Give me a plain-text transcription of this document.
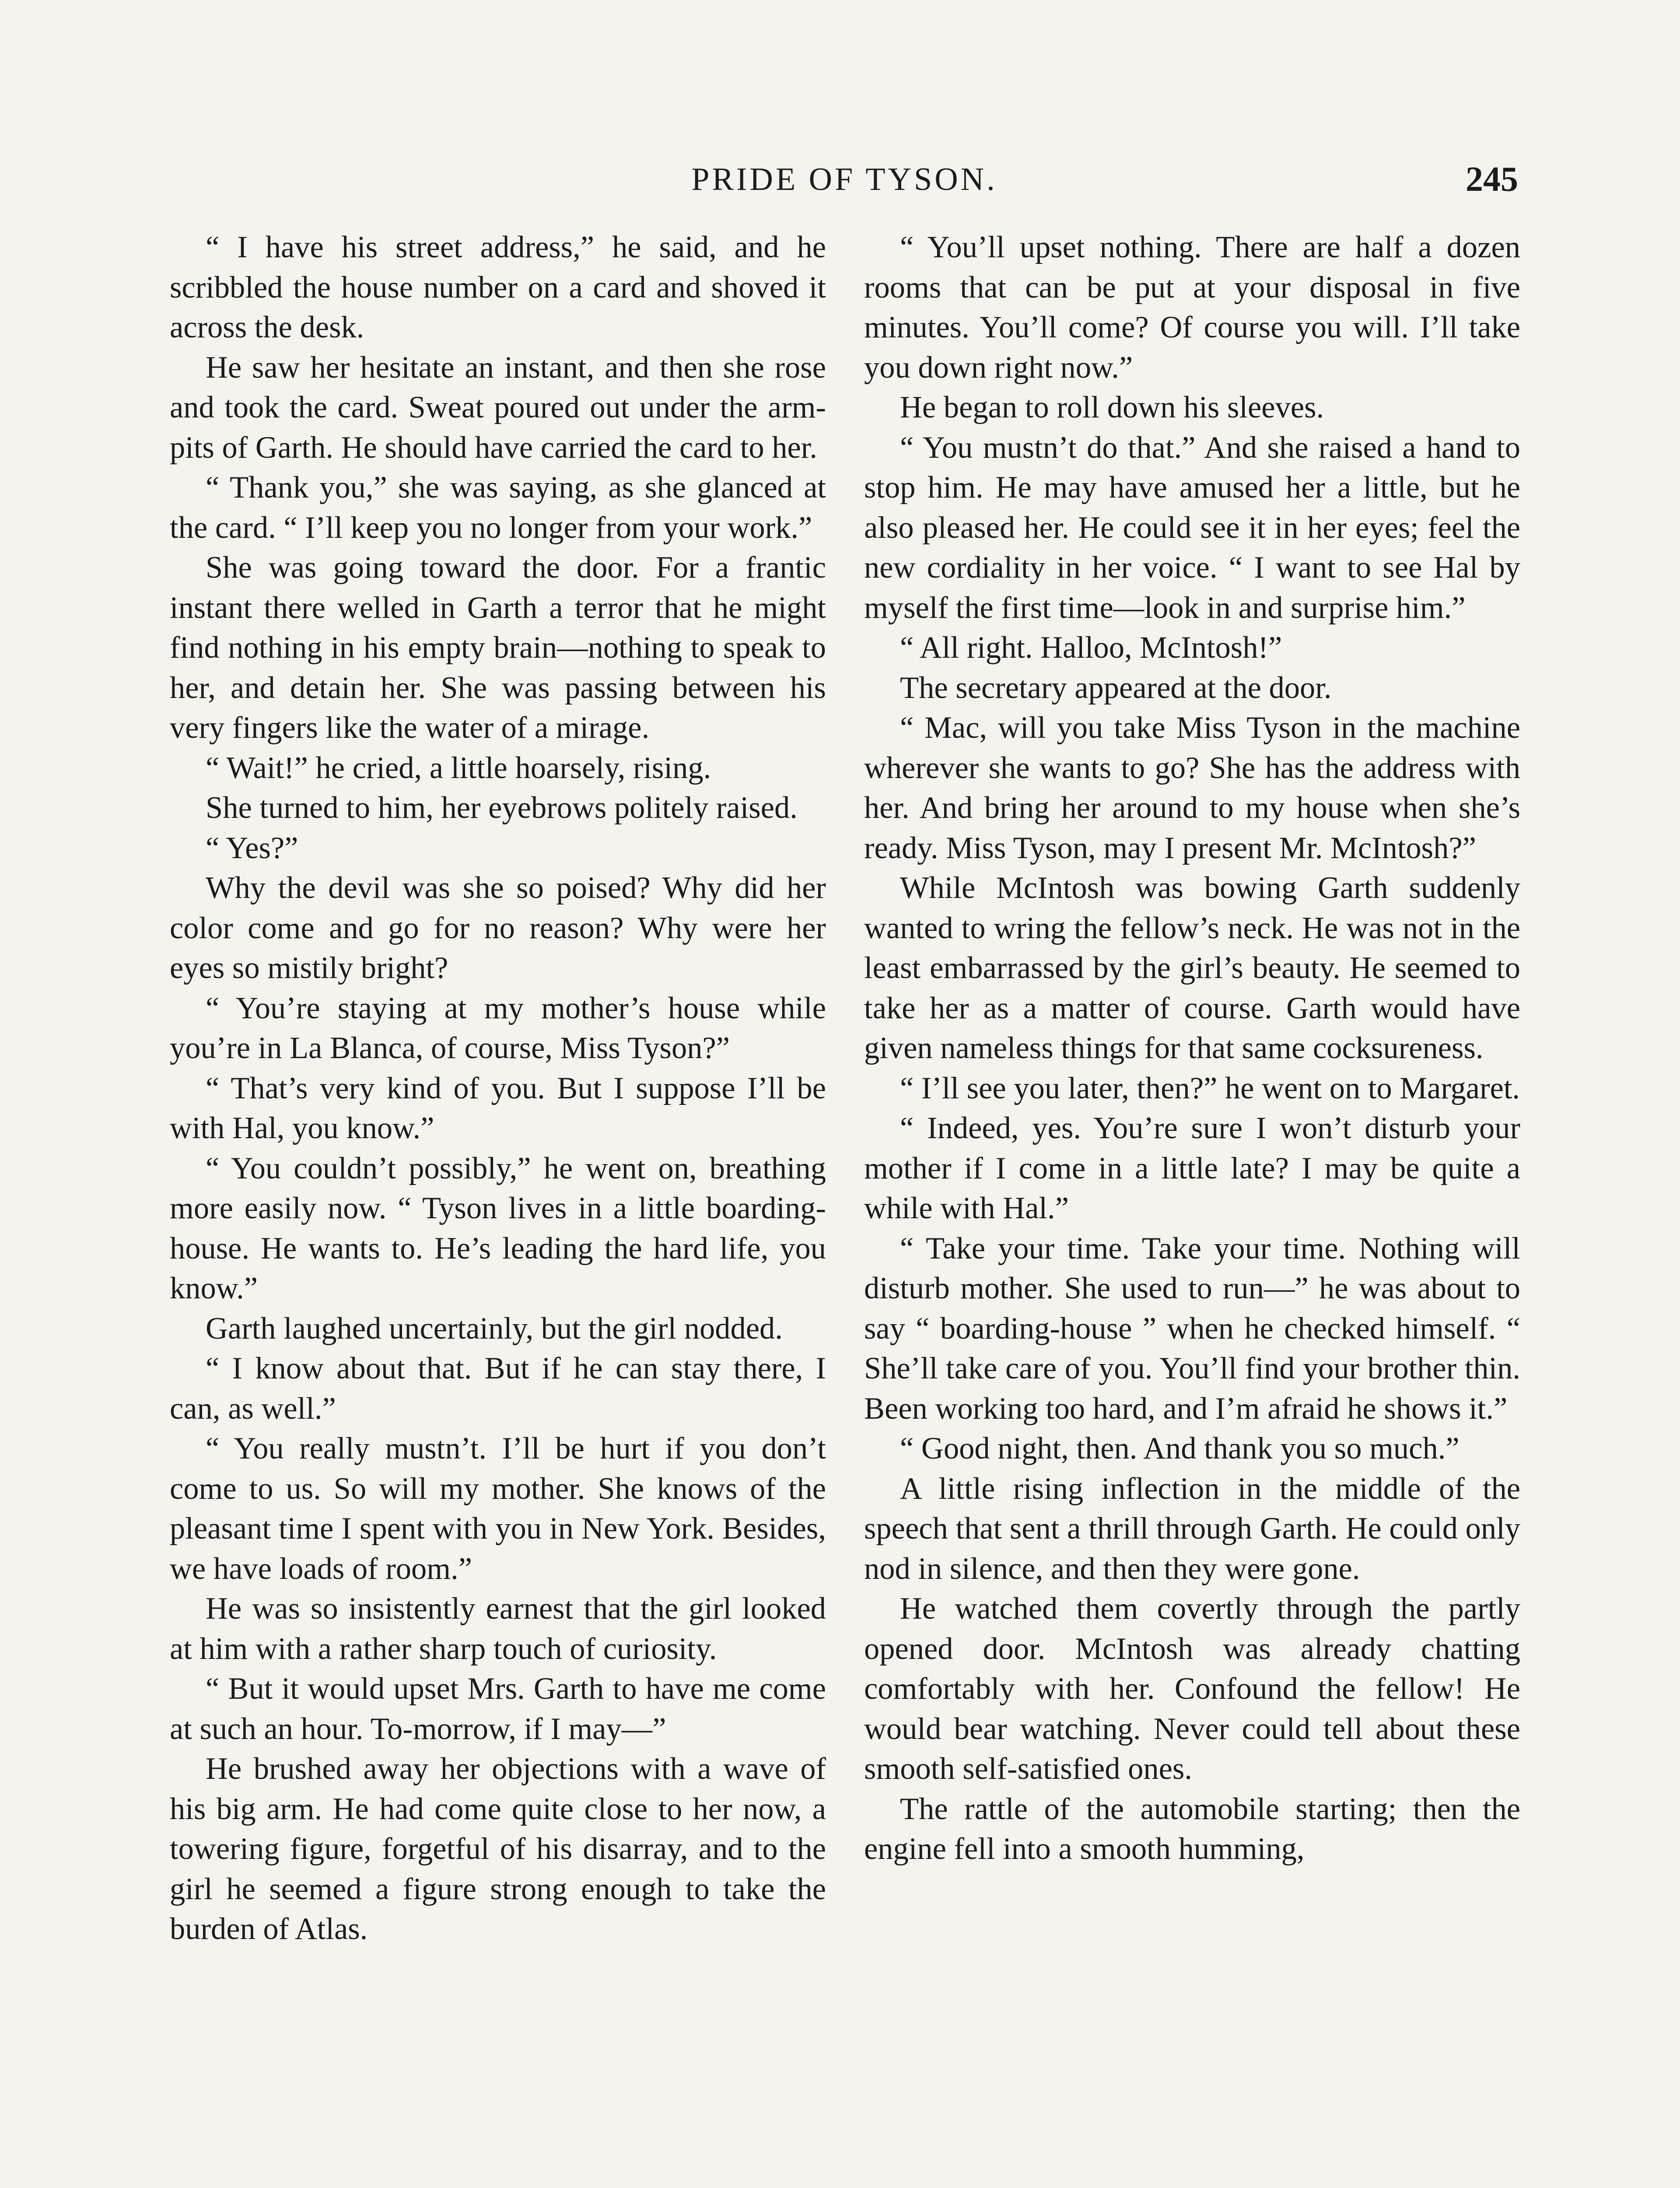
PRIDE OF TYSON.	245

“ I have his street address,” he said, and he scribbled the house number on a card and shoved it across the desk.

He saw her hesitate an instant, and then she rose and took the card. Sweat poured out under the arm-pits of Garth. He should have carried the card to her.

“ Thank you,” she was saying, as she glanced at the card. “ I’ll keep you no longer from your work.”

She was going toward the door. For a frantic instant there welled in Garth a terror that he might find nothing in his empty brain—nothing to speak to her, and detain her. She was passing between his very fingers like the water of a mirage.

“ Wait!” he cried, a little hoarsely, rising.

She turned to him, her eyebrows politely raised.

“ Yes?”

Why the devil was she so poised? Why did her color come and go for no reason? Why were her eyes so mistily bright?

“ You’re staying at my mother’s house while you’re in La Blanca, of course, Miss Tyson?”

“ That’s very kind of you. But I suppose I’ll be with Hal, you know.”

“ You couldn’t possibly,” he went on, breathing more easily now. “ Tyson lives in a little boarding-house. He wants to. He’s leading the hard life, you know.”

Garth laughed uncertainly, but the girl nodded.

“ I know about that. But if he can stay there, I can, as well.”

“ You really mustn’t. I’ll be hurt if you don’t come to us. So will my mother. She knows of the pleasant time I spent with you in New York. Besides, we have loads of room.”

He was so insistently earnest that the girl looked at him with a rather sharp touch of curiosity.

“ But it would upset Mrs. Garth to have me come at such an hour. To-morrow, if I may—”

He brushed away her objections with a wave of his big arm. He had come quite close to her now, a towering figure, forgetful of his disarray, and to the girl he seemed a figure strong enough to take the burden of Atlas.

“ You’ll upset nothing. There are half a dozen rooms that can be put at your disposal in five minutes. You’ll come? Of course you will. I’ll take you down right now.”

He began to roll down his sleeves.

“ You mustn’t do that.” And she raised a hand to stop him. He may have amused her a little, but he also pleased her. He could see it in her eyes; feel the new cordiality in her voice. “ I want to see Hal by myself the first time—look in and surprise him.”

“ All right. Halloo, McIntosh!”

The secretary appeared at the door.

“ Mac, will you take Miss Tyson in the machine wherever she wants to go? She has the address with her. And bring her around to my house when she’s ready. Miss Tyson, may I present Mr. McIntosh?”

While McIntosh was bowing Garth suddenly wanted to wring the fellow’s neck. He was not in the least embarrassed by the girl’s beauty. He seemed to take her as a matter of course. Garth would have given nameless things for that same cocksureness.

“ I’ll see you later, then?” he went on to Margaret.

“ Indeed, yes. You’re sure I won’t disturb your mother if I come in a little late? I may be quite a while with Hal.”

“ Take your time. Take your time. Nothing will disturb mother. She used to run—” he was about to say “ boarding-house ” when he checked himself. “ She’ll take care of you. You’ll find your brother thin. Been working too hard, and I’m afraid he shows it.”

“ Good night, then. And thank you so much.”

A little rising inflection in the middle of the speech that sent a thrill through Garth. He could only nod in silence, and then they were gone.

He watched them covertly through the partly opened door. McIntosh was already chatting comfortably with her. Confound the fellow! He would bear watching. Never could tell about these smooth self-satisfied ones.

The rattle of the automobile starting; then the engine fell into a smooth humming,
